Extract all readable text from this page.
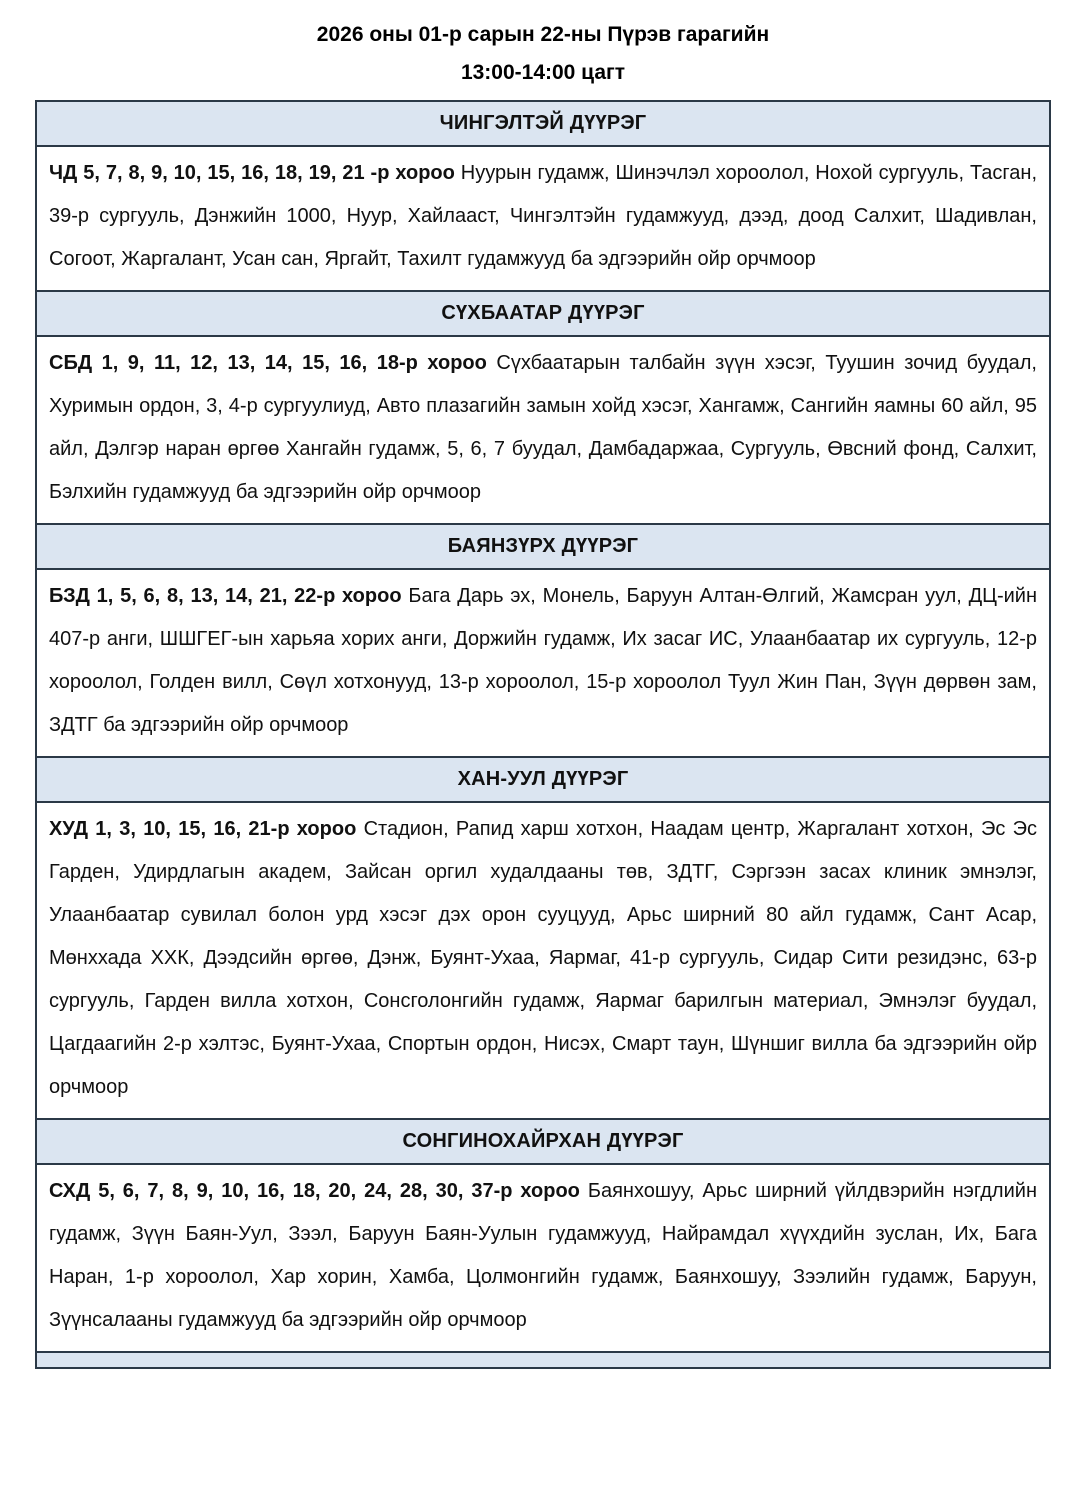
2026 оны 01-р сарын 22-ны Пүрэв гарагийн
13:00-14:00 цагт
ЧИНГЭЛТЭЙ ДҮҮРЭГ
ЧД 5, 7, 8, 9, 10, 15, 16, 18, 19, 21 -р хороо Нуурын гудамж, Шинэчлэл хороолол, Нохой сургууль, Тасган, 39-р сургууль, Дэнжийн 1000, Нуур, Хайлааст, Чингэлтэйн гудамжууд, дээд, доод Салхит, Шадивлан, Согоот, Жаргалант, Усан сан, Яргайт, Тахилт гудамжууд ба эдгээрийн ойр орчмоор
СҮХБААТАР ДҮҮРЭГ
СБД 1, 9, 11, 12, 13, 14, 15, 16, 18-р хороо Сүхбаатарын талбайн зүүн хэсэг, Туушин зочид буудал, Хуримын ордон, 3, 4-р сургуулиуд, Авто плазагийн замын хойд хэсэг, Хангамж, Сангийн яамны 60 айл, 95 айл, Дэлгэр наран өргөө Хангайн гудамж, 5, 6, 7 буудал, Дамбадаржаа, Сургууль, Өвсний фонд, Салхит, Бэлхийн гудамжууд ба эдгээрийн ойр орчмоор
БАЯНЗҮРХ ДҮҮРЭГ
БЗД 1, 5, 6, 8, 13, 14, 21, 22-р хороо Бага Дарь эх, Монель, Баруун Алтан-Өлгий, Жамсран уул, ДЦ-ийн 407-р анги, ШШГЕГ-ын харьяа хорих анги, Доржийн гудамж, Их засаг ИС, Улаанбаатар их сургууль, 12-р хороолол, Голден вилл, Сөүл хотхонууд, 13-р хороолол, 15-р хороолол Туул Жин Пан, Зүүн дөрвөн зам, ЗДТГ ба эдгээрийн ойр орчмоор
ХАН-УУЛ ДҮҮРЭГ
ХУД 1, 3, 10, 15, 16, 21-р хороо Стадион, Рапид харш хотхон, Наадам центр, Жаргалант хотхон, Эс Эс Гарден, Удирдлагын академ, Зайсан оргил худалдааны төв, ЗДТГ, Сэргээн засах клиник эмнэлэг, Улаанбаатар сувилал болон урд хэсэг дэх орон сууцууд, Арьс ширний 80 айл гудамж, Сант Асар, Мөнххада ХХК, Дээдсийн өргөө, Дэнж, Буянт-Ухаа, Яармаг, 41-р сургууль, Сидар Сити резидэнс, 63-р сургууль, Гарден вилла хотхон, Сонсголонгийн гудамж, Яармаг барилгын материал, Эмнэлэг буудал, Цагдаагийн 2-р хэлтэс, Буянт-Ухаа, Спортын ордон, Нисэх, Смарт таун, Шүншиг вилла ба эдгээрийн ойр орчмоор
СОНГИНОХАЙРХАН ДҮҮРЭГ
СХД 5, 6, 7, 8, 9, 10, 16, 18, 20, 24, 28, 30, 37-р хороо Баянхошуу, Арьс ширний үйлдвэрийн нэгдлийн гудамж, Зүүн Баян-Уул, Зээл, Баруун Баян-Уулын гудамжууд, Найрамдал хүүхдийн зуслан, Их, Бага Наран, 1-р хороолол, Хар хорин, Хамба, Цолмонгийн гудамж, Баянхошуу, Зээлийн гудамж, Баруун, Зүүнсалааны гудамжууд ба эдгээрийн ойр орчмоор
